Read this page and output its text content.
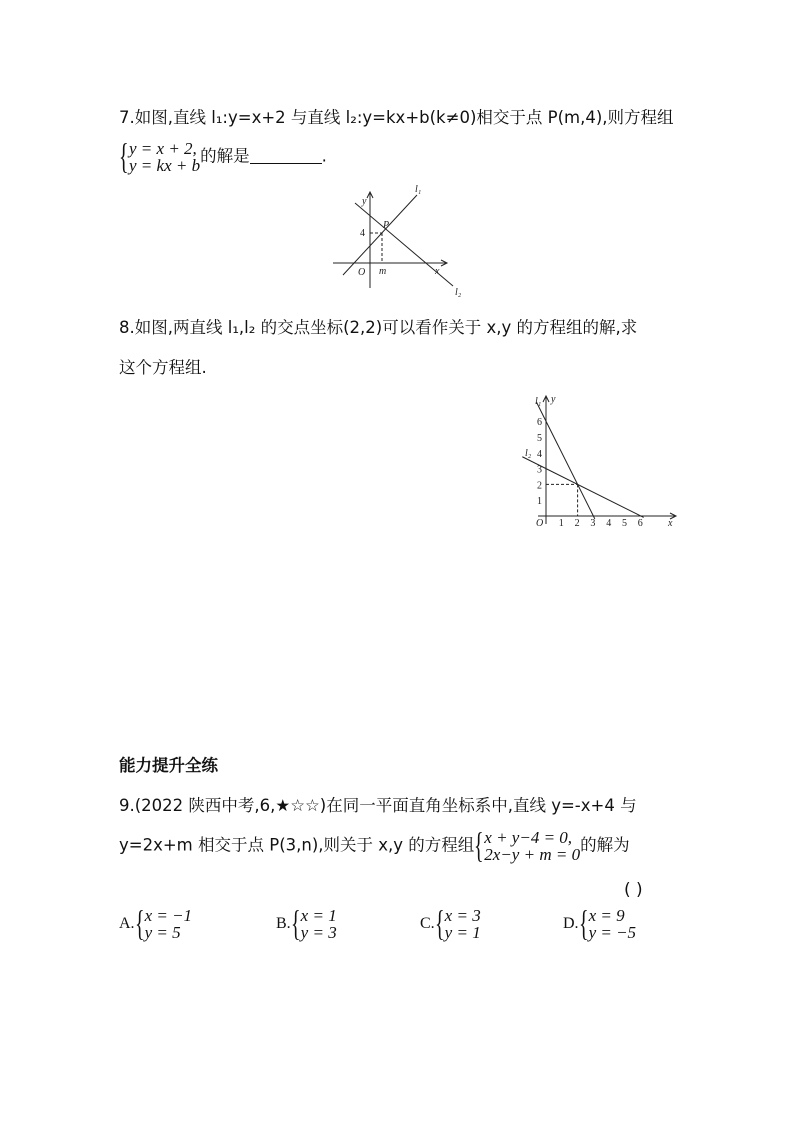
7.如图,直线 l₁:y=x+2 与直线 l₂:y=kx+b(k≠0)相交于点 P(m,4),则方程组
{ y = x + 2,
y = kx + b 的解是	.
l₁
l₂
y
x
O
P
4
m
8.如图,两直线 l₁,l₂ 的交点坐标(2,2)可以看作关于 x,y 的方程组的解,求
这个方程组.
1 2 3 4 5 6
1
2
3
4
5
6
O	x
y
l₁
l₂
能力提升全练
9.(2022 陕西中考,6,★☆☆)在同一平面直角坐标系中,直线 y=-x+4 与
y=2x+m 相交于点 P(3,n),则关于 x,y 的方程组 { x + y−4 = 0,
2x−y + m = 0 的解为
( )
A. { x = −1
y = 5	B. { x = 1
y = 3	C. { x = 3
y = 1	D. { x = 9
y = −5
